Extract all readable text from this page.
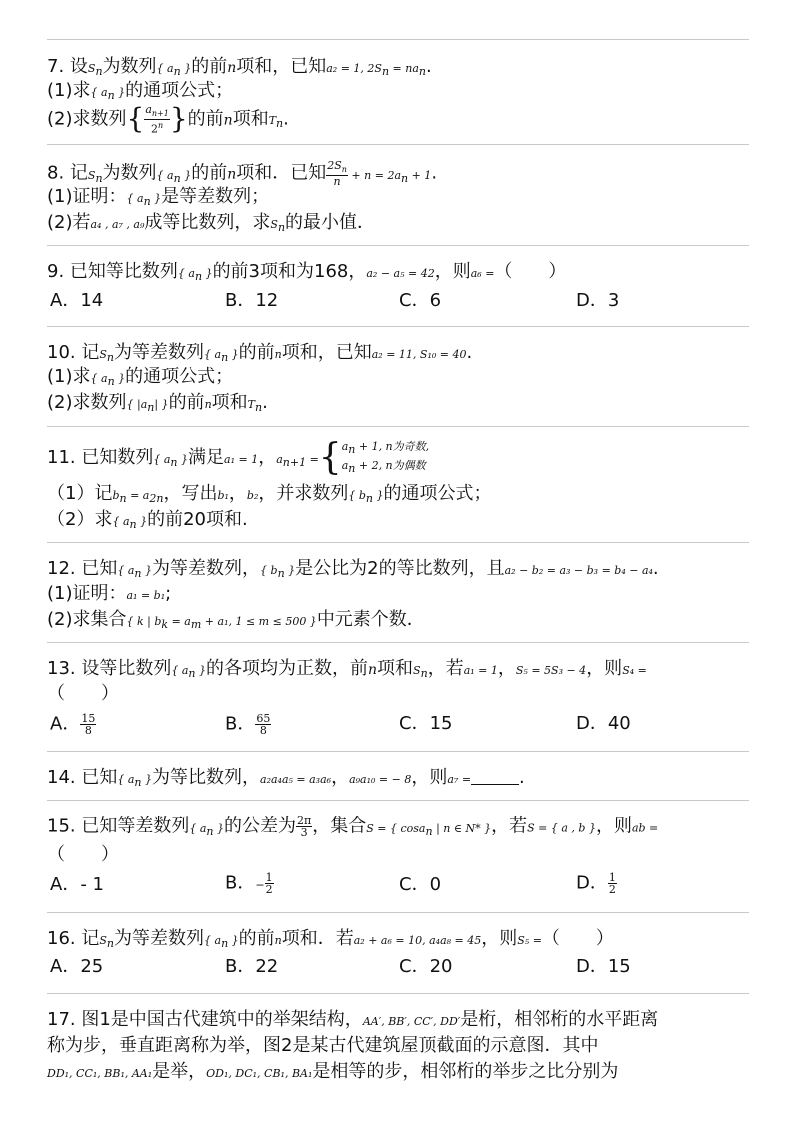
7. 设$S_n$为数列{ $a_n$ }的前n项和，已知a₂ = 1, $2S_n = na_n$.
(1)求{ $a_n$ }的通项公式；
(2)求数列{ $\frac{a_{n+1}}{2^n}$ }的前n项和$T_n$.
8. 记$S_n$为数列{ $a_n$ }的前n项和．已知 $\frac{2S_n}{n} + n = 2a_n + 1$.
(1)证明：{ $a_n$ }是等差数列；
(2)若a₄ , a₇ , a₉成等比数列，求$S_n$的最小值．
9. 已知等比数列{ $a_n$ }的前3项和为168，a₂ − a₅ = 42，则a₆ =（　　）
A．14	B．12	C．6	D．3
10. 记$S_n$为等差数列{ $a_n$ }的前n项和，已知a₂ = 11, S₁₀ = 40.
(1)求{ $a_n$ }的通项公式；
(2)求数列{ $|a_n|$ }的前n项和$T_n$.
11. 已知数列{ $a_n$ }满足a₁ = 1，$a_{n+1}$ ={ $a_n + 1$, n为奇数,
$a_n + 2$, n为偶数
（1）记$b_n = a_{2n}$，写出b₁，b₂，并求数列{ $b_n$ }的通项公式；
（2）求{ $a_n$ }的前20项和.
12. 已知{ $a_n$ }为等差数列，{ $b_n$ }是公比为2的等比数列，且a₂ − b₂ = a₃ − b₃ = b₄ − a₄.
(1)证明：a₁ = b₁;
(2)求集合{ k | $b_k = a_m + a_1$, 1 ≤ m ≤ 500 }中元素个数．
13. 设等比数列{ $a_n$ }的各项均为正数，前n项和$S_n$，若a₁ = 1，S₅ = 5S₃ − 4，则S₄ =
（　　）
A． $\frac{15}{8}$	B． $\frac{65}{8}$	C．15	D．40
14. 已知{ $a_n$ }为等比数列，a₂a₄a₅ = a₃a₆，a₉a₁₀ = − 8，则a₇ =	.
15. 已知等差数列{ $a_n$ }的公差为 $\frac{2\pi}{3}$ ，集合S = { cosa$_n$ | n ∈ N* }，若S = { a , b }，则ab =
（　　）
A．- 1	B．− $\frac{1}{2}$	C．0	D． $\frac{1}{2}$
16. 记$S_n$为等差数列{ $a_n$ }的前n项和．若a₂ + a₆ = 10, a₄a₈ = 45，则S₅ =（　　）
A．25	B．22	C．20	D．15
17. 图1是中国古代建筑中的举架结构，AA′, BB′, CC′, DD′是桁，相邻桁的水平距离
称为步，垂直距离称为举，图2是某古代建筑屋顶截面的示意图．其中
DD₁, CC₁, BB₁, AA₁是举，OD₁, DC₁, CB₁, BA₁是相等的步，相邻桁的举步之比分别为
